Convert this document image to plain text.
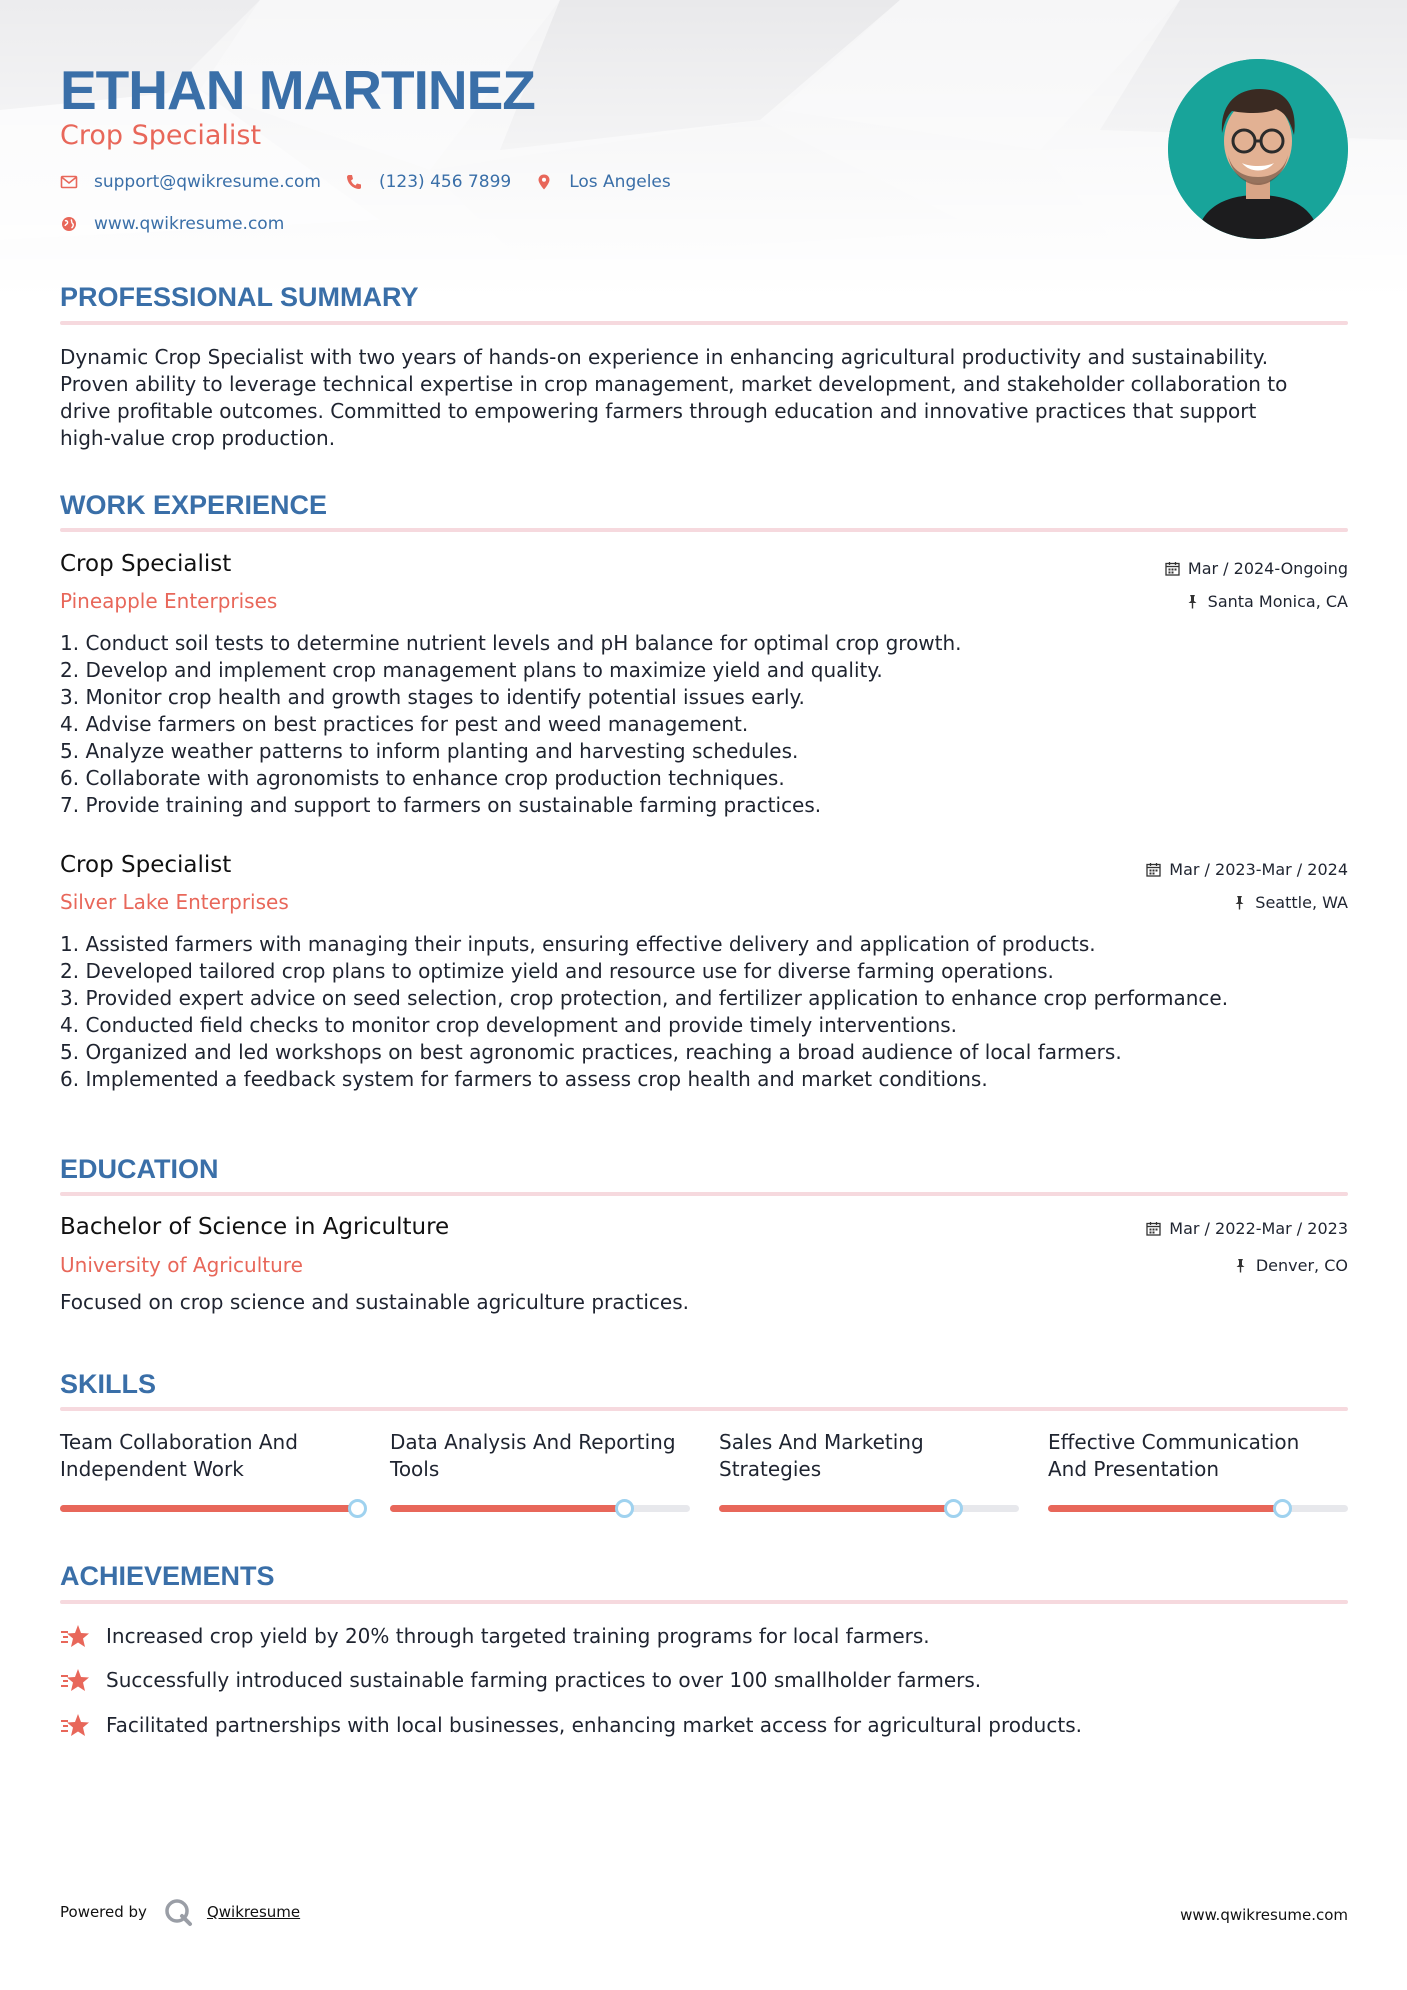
ETHAN MARTINEZ
Crop Specialist
support@qwikresume.com	(123) 456 7899	Los Angeles
www.qwikresume.com
PROFESSIONAL SUMMARY
Dynamic Crop Specialist with two years of hands-on experience in enhancing agricultural productivity and sustainability.
Proven ability to leverage technical expertise in crop management, market development, and stakeholder collaboration to
drive profitable outcomes. Committed to empowering farmers through education and innovative practices that support
high-value crop production.
WORK EXPERIENCE
Crop Specialist
Pineapple Enterprises
Mar / 2024-Ongoing
Santa Monica, CA
1. Conduct soil tests to determine nutrient levels and pH balance for optimal crop growth.
2. Develop and implement crop management plans to maximize yield and quality.
3. Monitor crop health and growth stages to identify potential issues early.
4. Advise farmers on best practices for pest and weed management.
5. Analyze weather patterns to inform planting and harvesting schedules.
6. Collaborate with agronomists to enhance crop production techniques.
7. Provide training and support to farmers on sustainable farming practices.
Crop Specialist
Silver Lake Enterprises
Mar / 2023-Mar / 2024
Seattle, WA
1. Assisted farmers with managing their inputs, ensuring effective delivery and application of products.
2. Developed tailored crop plans to optimize yield and resource use for diverse farming operations.
3. Provided expert advice on seed selection, crop protection, and fertilizer application to enhance crop performance.
4. Conducted field checks to monitor crop development and provide timely interventions.
5. Organized and led workshops on best agronomic practices, reaching a broad audience of local farmers.
6. Implemented a feedback system for farmers to assess crop health and market conditions.
EDUCATION
Bachelor of Science in Agriculture
University of Agriculture
Mar / 2022-Mar / 2023
Denver, CO
Focused on crop science and sustainable agriculture practices.
SKILLS
Team Collaboration And
Independent Work
Data Analysis And Reporting
Tools
Sales And Marketing
Strategies
Effective Communication
And Presentation
ACHIEVEMENTS
Increased crop yield by 20% through targeted training programs for local farmers.
Successfully introduced sustainable farming practices to over 100 smallholder farmers.
Facilitated partnerships with local businesses, enhancing market access for agricultural products.
Powered by	Qwikresume	www.qwikresume.com
